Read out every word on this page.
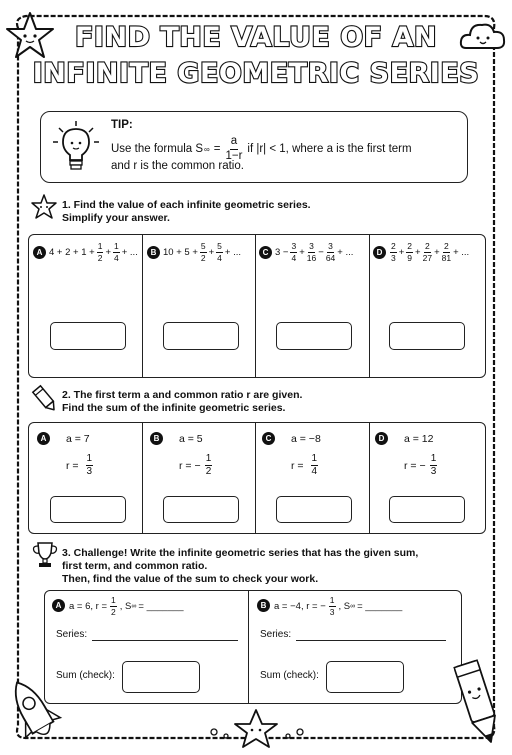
FIND THE VALUE OF AN
INFINITE GEOMETRIC SERIES
TIP:
Use the formula S ∞ = $\frac{a}{1-r}$ if |r| < 1, where a is the first term
and r is the common ratio.
1. Find the value of each infinite geometric series.
Simplify your answer.
A $4 + 2 + 1 + \frac{1}{2} + \frac{1}{4}$ + ...	B $10 + 5 + \frac{5}{2} + \frac{5}{4}$ + ...	C $3 - \frac{3}{4} + \frac{3}{16} - \frac{3}{64}$ + ...	D $\frac{2}{3} + \frac{2}{9} + \frac{2}{27} + \frac{2}{81}$ + ...
2. The first term a and common ratio r are given.
Find the sum of the infinite geometric series.
A	a = 7
$r = \frac{1}{3}$
B	a = 5
r = − $\frac{1}{2}$
C	a = −8
$r = \frac{1}{4}$
D	a = 12
r = − $\frac{1}{3}$
3. Challenge! Write the infinite geometric series that has the given sum,
first term, and common ratio.
Then, find the value of the sum to check your work.
A a = 6, $r = \frac{1}{2}$ , S ∞ = _______
Series:
Sum (check):
B a = −4, r = − $\frac{1}{3}$ , S ∞ = _______
Series:
Sum (check):
